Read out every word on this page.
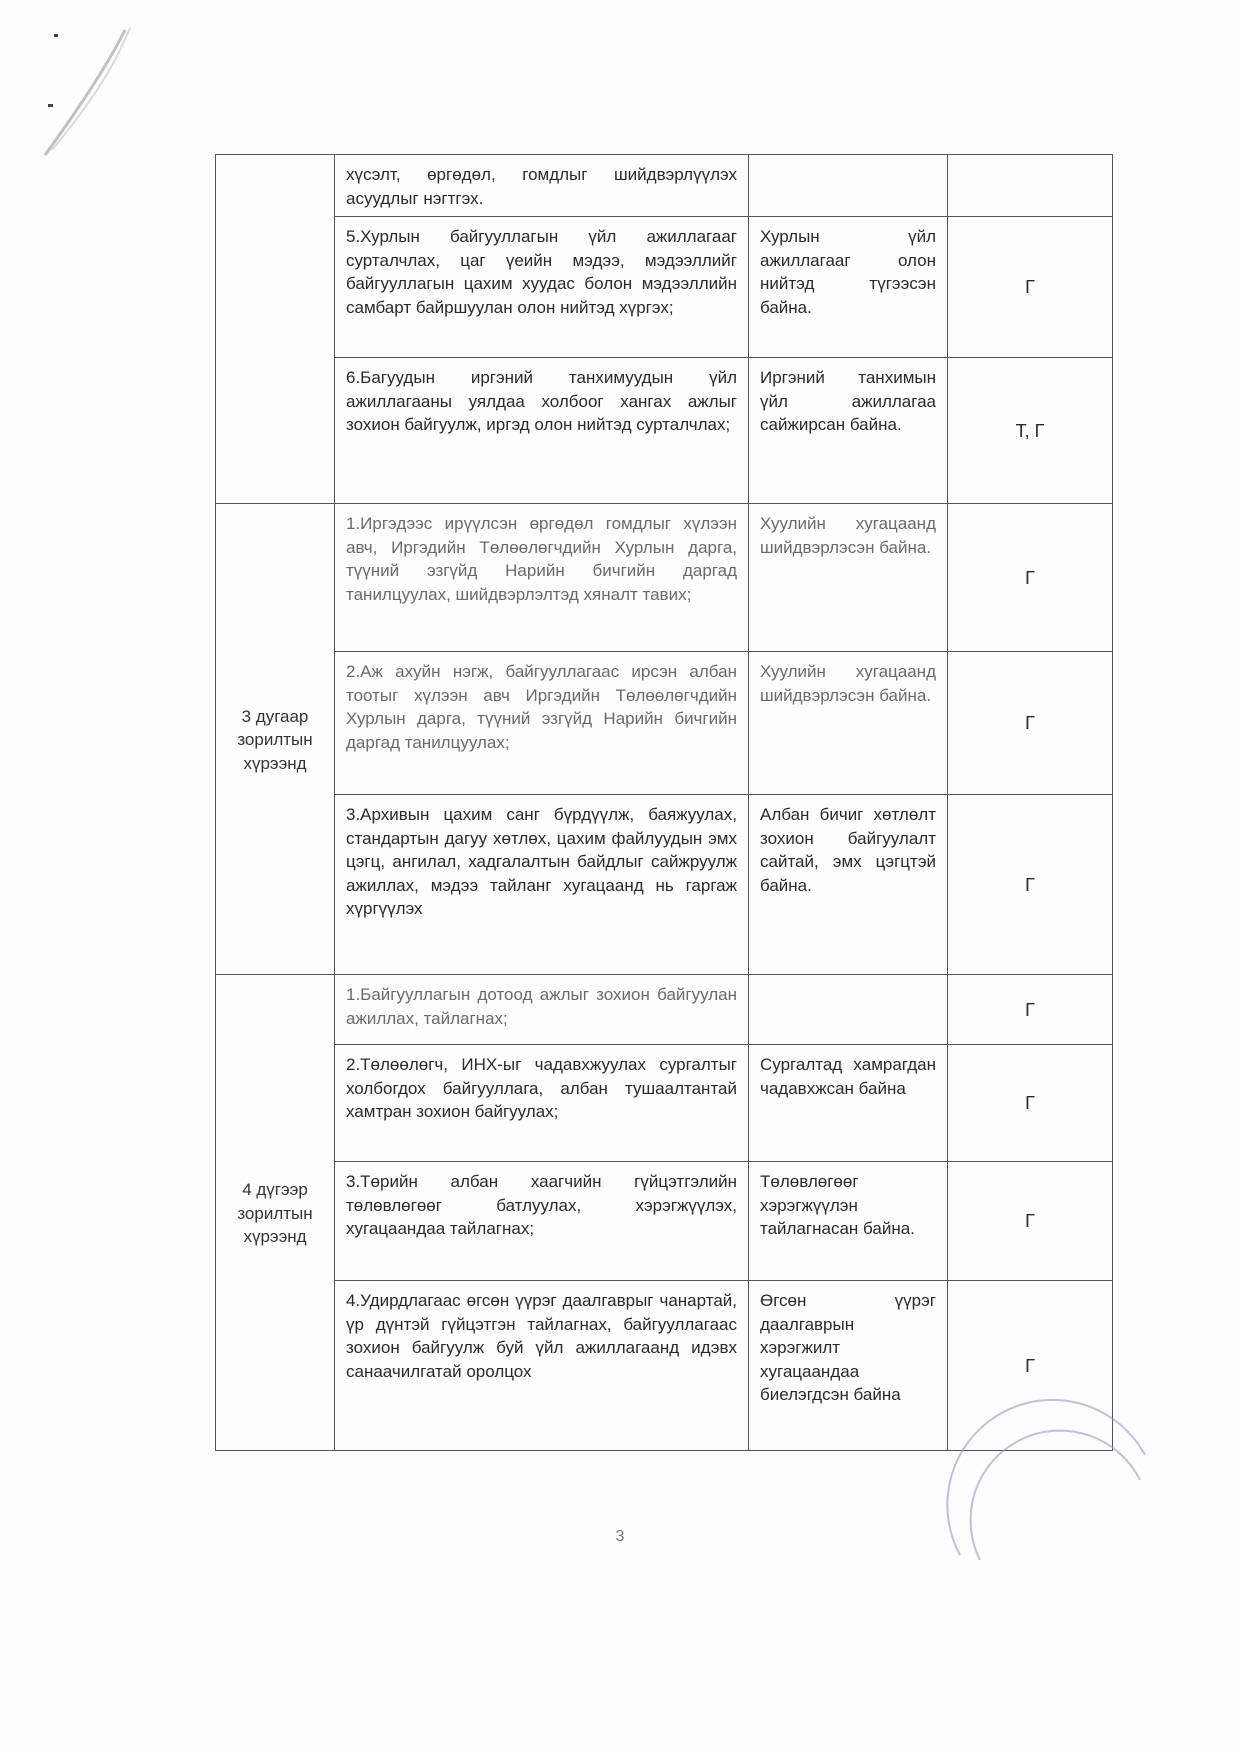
	хүсэлт, өргөдөл, гомдлыг шийдвэрлүүлэх асуудлыг нэгтгэх.		
	5.Хурлын байгууллагын үйл ажиллагааг сурталчлах, цаг үеийн мэдээ, мэдээллийг байгууллагын цахим хуудас болон мэдээллийн самбарт байршуулан олон нийтэд хүргэх;	Хурлын үйл ажиллагааг олон нийтэд түгээсэн байна.	Г
	6.Багуудын иргэний танхимуудын үйл ажиллагааны уялдаа холбоог хангах ажлыг зохион байгуулж, иргэд олон нийтэд сурталчлах;	Иргэний танхимын үйл ажиллагаа сайжирсан байна.	Т, Г
3 дугаар зорилтын хүрээнд	1.Иргэдээс ирүүлсэн өргөдөл гомдлыг хүлээн авч, Иргэдийн Төлөөлөгчдийн Хурлын дарга, түүний эзгүйд Нарийн бичгийн даргад танилцуулах, шийдвэрлэлтэд хяналт тавих;	Хуулийн хугацаанд шийдвэрлэсэн байна.	Г
	2.Аж ахуйн нэгж, байгууллагаас ирсэн албан тоотыг хүлээн авч Иргэдийн Төлөөлөгчдийн Хурлын дарга, түүний эзгүйд Нарийн бичгийн даргад танилцуулах;	Хуулийн хугацаанд шийдвэрлэсэн байна.	Г
	3.Архивын цахим санг бүрдүүлж, баяжуулах, стандартын дагуу хөтлөх, цахим файлуудын эмх цэгц, ангилал, хадгалалтын байдлыг сайжруулж ажиллах, мэдээ тайланг хугацаанд нь гаргаж хүргүүлэх	Албан бичиг хөтлөлт зохион байгуулалт сайтай, эмх цэгцтэй байна.	Г
4 дүгээр зорилтын хүрээнд	1.Байгууллагын дотоод ажлыг зохион байгуулан ажиллах, тайлагнах;		Г
	2.Төлөөлөгч, ИНХ-ыг чадавхжуулах сургалтыг холбогдох байгууллага, албан тушаалтантай хамтран зохион байгуулах;	Сургалтад хамрагдан чадавхжсан байна	Г
	3.Төрийн албан хаагчийн гүйцэтгэлийн төлөвлөгөөг батлуулах, хэрэгжүүлэх, хугацаандаа тайлагнах;	Төлөвлөгөөг хэрэгжүүлэн тайлагнасан байна.	Г
	4.Удирдлагаас өгсөн үүрэг даалгаврыг чанартай, үр дүнтэй гүйцэтгэн тайлагнах, байгууллагаас зохион байгуулж буй үйл ажиллагаанд идэвх санаачилгатай оролцох	Өгсөн үүрэг даалгаврын хэрэгжилт хугацаандаа биелэгдсэн байна	Г
3
